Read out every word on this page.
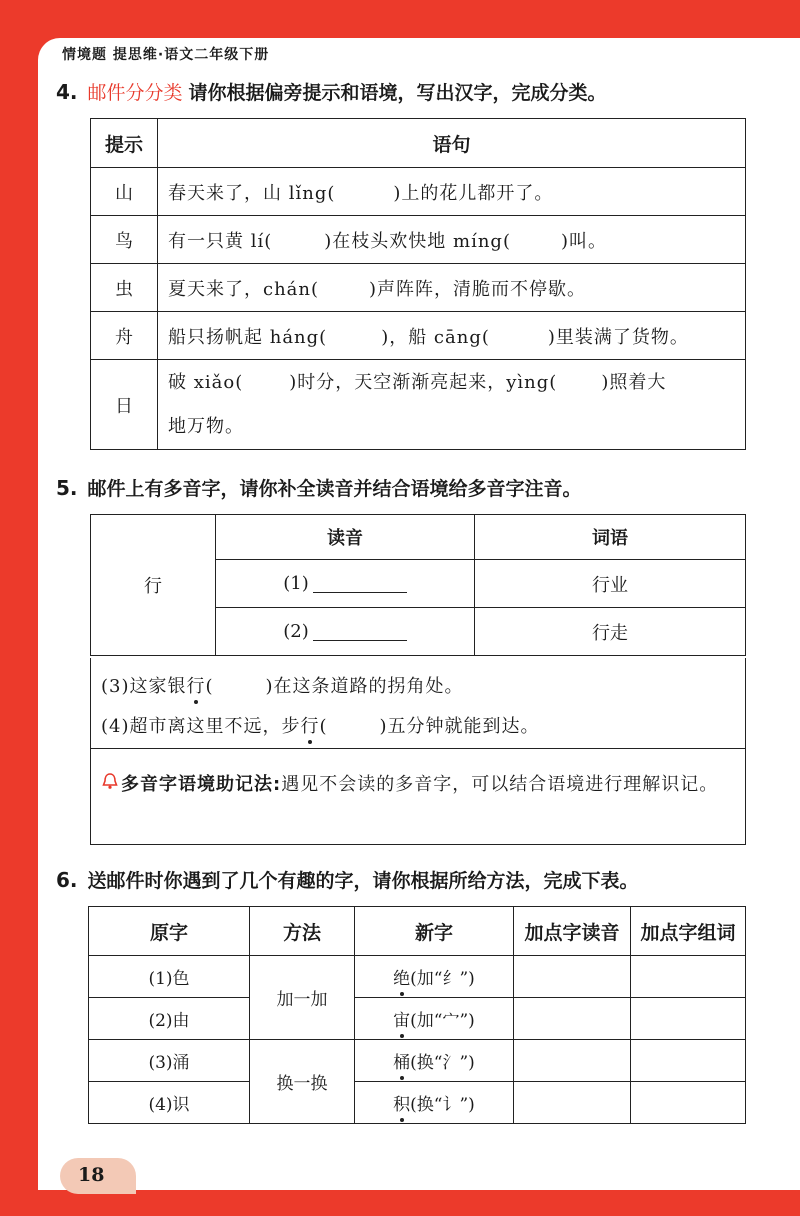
情境题 提思维·语文二年级下册
4. 邮件分分类 请你根据偏旁提示和语境，写出汉字，完成分类。
提示	语句
山	春天来了，山 lǐng( )上的花儿都开了。
鸟	有一只黄 lí( )在枝头欢快地 míng( )叫。
虫	夏天来了，chán( )声阵阵，清脆而不停歇。
舟	船只扬帆起 háng( )，船 cāng( )里装满了货物。
日	破 xiǎo( )时分，天空渐渐亮起来，yìng( )照着大
地万物。
5. 邮件上有多音字，请你补全读音并结合语境给多音字注音。
行	读音	词语
	(1)	行业
	(2)	行走
(3)这家银行(	)在这条道路的拐角处。
(4)超市离这里不远，步行(	)五分钟就能到达。
多音字语境助记法:遇见不会读的多音字，可以结合语境进行理解识记。
6. 送邮件时你遇到了几个有趣的字，请你根据所给方法，完成下表。
原字	方法	新字	加点字读音	加点字组词
(1)色	加一加	绝(加“纟”)		
(2)由		宙(加“宀”)		
(3)涌	换一换	桶(换“氵”)		
(4)识		积(换“讠”)		
18
